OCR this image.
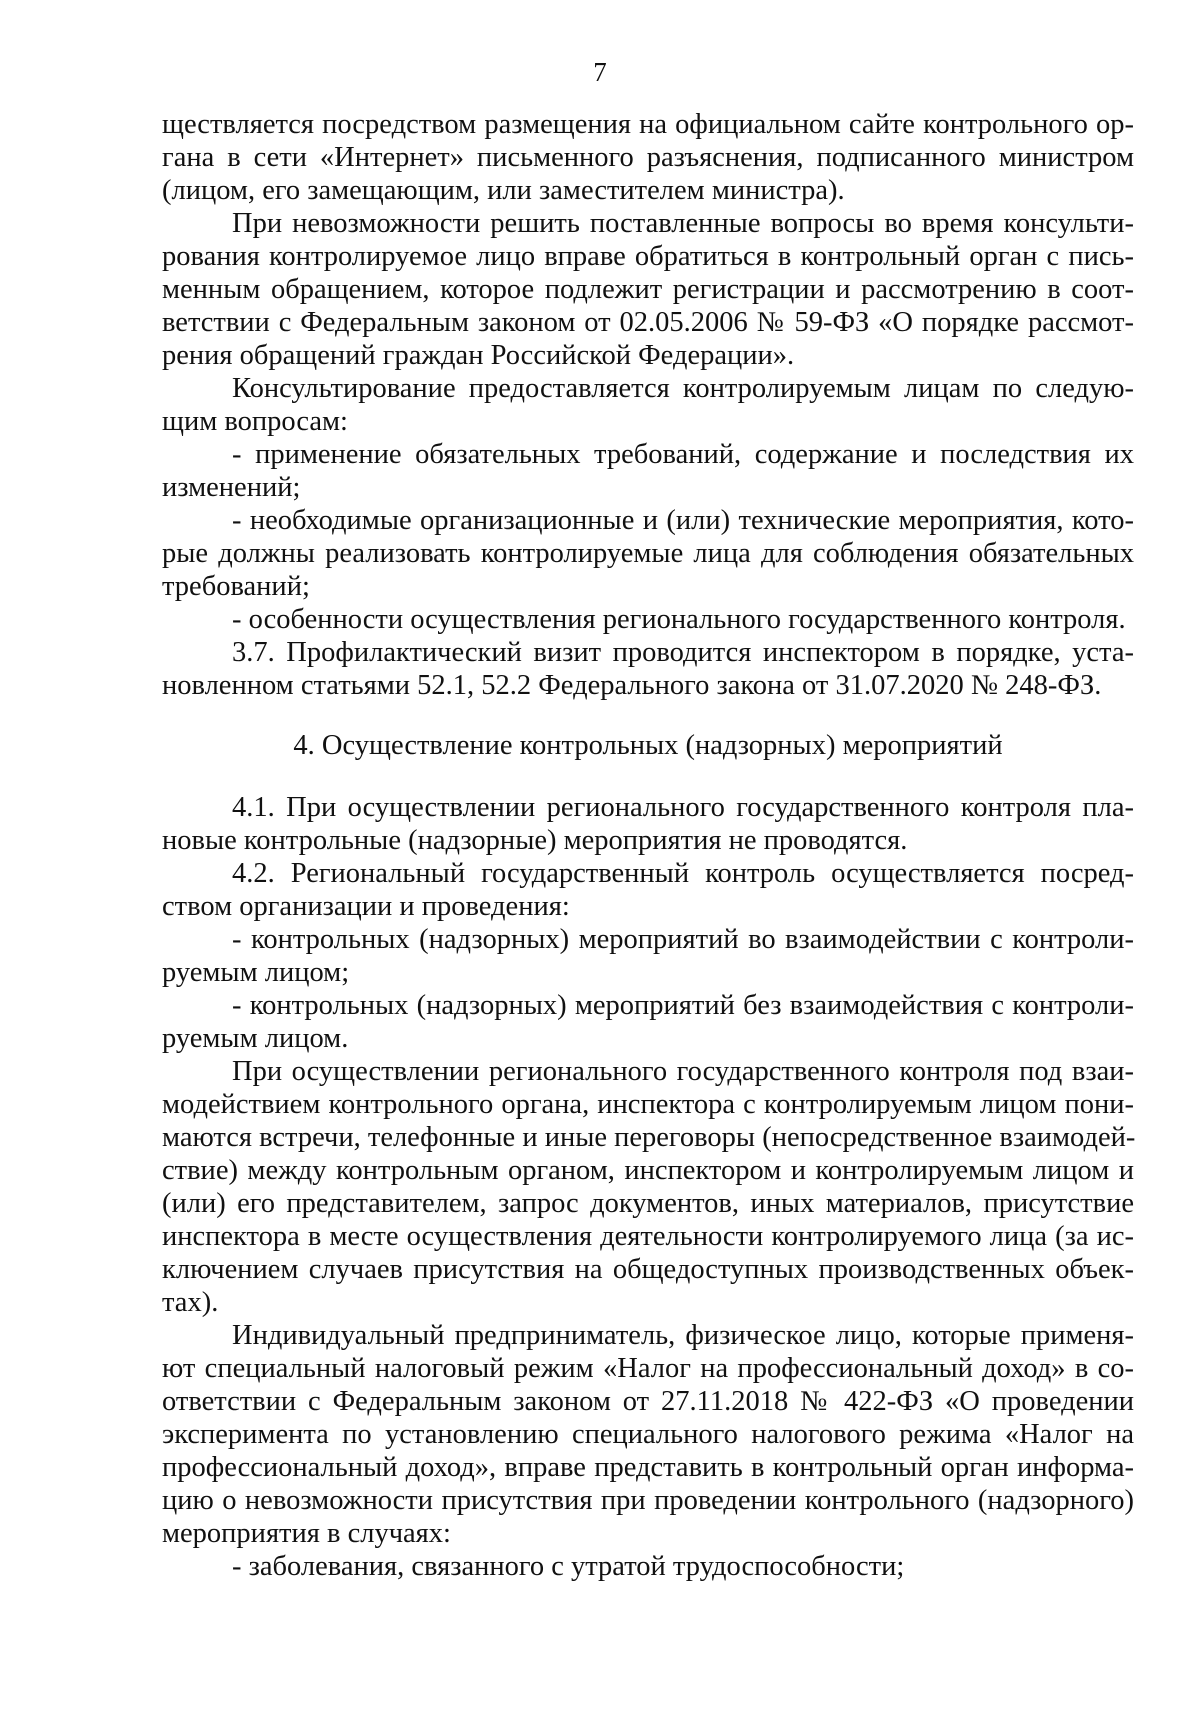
7
ществляется посредством размещения на официальном сайте контрольного ор-
гана в сети «Интернет» письменного разъяснения, подписанного министром
(лицом, его замещающим, или заместителем министра).
При невозможности решить поставленные вопросы во время консульти-
рования контролируемое лицо вправе обратиться в контрольный орган с пись-
менным обращением, которое подлежит регистрации и рассмотрению в соот-
ветствии с Федеральным законом от 02.05.2006 № 59-ФЗ «О порядке рассмот-
рения обращений граждан Российской Федерации».
Консультирование предоставляется контролируемым лицам по следую-
щим вопросам:
- применение обязательных требований, содержание и последствия их
изменений;
- необходимые организационные и (или) технические мероприятия, кото-
рые должны реализовать контролируемые лица для соблюдения обязательных
требований;
- особенности осуществления регионального государственного контроля.
3.7. Профилактический визит проводится инспектором в порядке, уста-
новленном статьями 52.1, 52.2 Федерального закона от 31.07.2020 № 248-ФЗ.
4. Осуществление контрольных (надзорных) мероприятий
4.1. При осуществлении регионального государственного контроля пла-
новые контрольные (надзорные) мероприятия не проводятся.
4.2. Региональный государственный контроль осуществляется посред-
ством организации и проведения:
- контрольных (надзорных) мероприятий во взаимодействии с контроли-
руемым лицом;
- контрольных (надзорных) мероприятий без взаимодействия с контроли-
руемым лицом.
При осуществлении регионального государственного контроля под взаи-
модействием контрольного органа, инспектора с контролируемым лицом пони-
маются встречи, телефонные и иные переговоры (непосредственное взаимодей-
ствие) между контрольным органом, инспектором и контролируемым лицом и
(или) его представителем, запрос документов, иных материалов, присутствие
инспектора в месте осуществления деятельности контролируемого лица (за ис-
ключением случаев присутствия на общедоступных производственных объек-
тах).
Индивидуальный предприниматель, физическое лицо, которые применя-
ют специальный налоговый режим «Налог на профессиональный доход» в со-
ответствии с Федеральным законом от 27.11.2018 № 422-ФЗ «О проведении
эксперимента по установлению специального налогового режима «Налог на
профессиональный доход», вправе представить в контрольный орган информа-
цию о невозможности присутствия при проведении контрольного (надзорного)
мероприятия в случаях:
- заболевания, связанного с утратой трудоспособности;
